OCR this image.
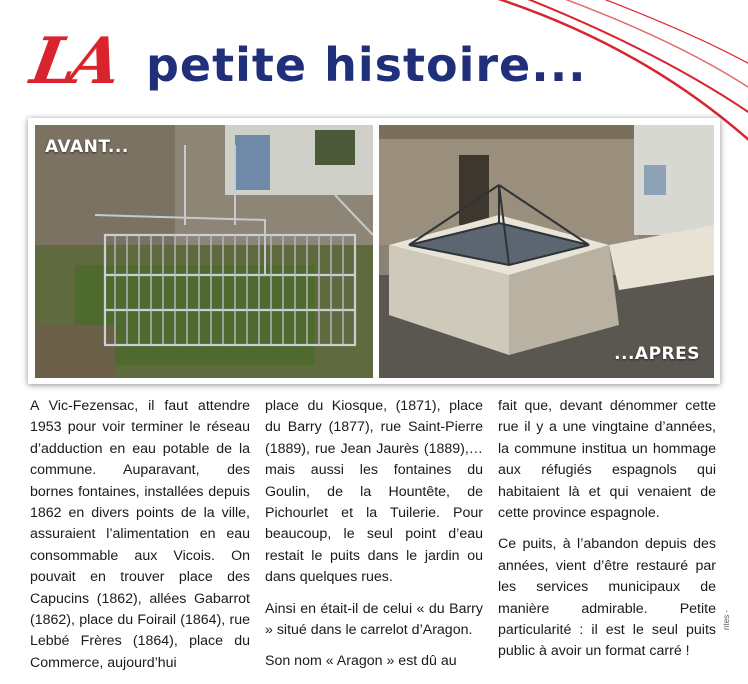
LA petite histoire...
AVANT...
...APRES

A Vic-Fezensac, il faut attendre 1953 pour voir terminer le réseau d’adduction en eau potable de la commune. Auparavant, des bornes fontaines, installées depuis 1862 en divers points de la ville, assuraient l’alimentation en eau consommable aux Vicois. On pouvait en trouver place des Capucins (1862), allées Gabarrot (1862), place du Foirail (1864), rue Lebbé Frères (1864), place du Commerce, aujourd’hui

place du Kiosque, (1871), place du Barry (1877), rue Saint-Pierre (1889), rue Jean Jaurès (1889),… mais aussi les fontaines du Goulin, de la Hountête, de Pichourlet et la Tuilerie. Pour beaucoup, le seul point d’eau restait le puits dans le jardin ou dans quelques rues.

Ainsi en était-il de celui « du Barry » situé dans le carrelot d’Aragon.

Son nom « Aragon » est dû au

fait que, devant dénommer cette rue il y a une vingtaine d’années, la commune institua un hommage aux réfugiés espagnols qui habitaient là et qui venaient de cette province espagnole.

Ce puits, à l’abandon depuis des années, vient d’être restauré par les services municipaux de manière admirable. Petite particularité : il est le seul puits public à avoir un format carré !

ntes -
